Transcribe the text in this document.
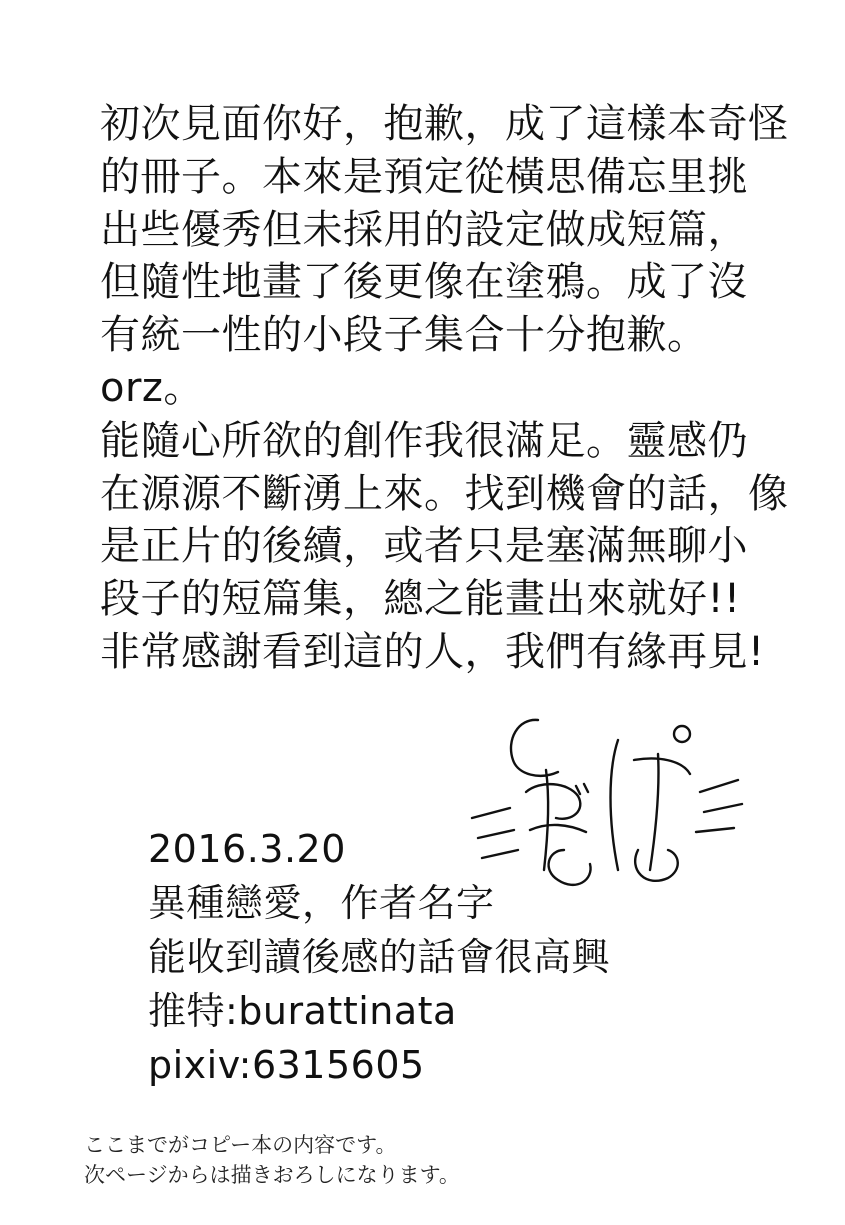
初次見面你好，抱歉，成了這樣本奇怪
的冊子。本來是預定從橫思備忘里挑
出些優秀但未採用的設定做成短篇，
但隨性地畫了後更像在塗鴉。成了沒
有統一性的小段子集合十分抱歉。
orz。
能隨心所欲的創作我很滿足。靈感仍
在源源不斷湧上來。找到機會的話，像
是正片的後續，或者只是塞滿無聊小
段子的短篇集，總之能畫出來就好!!
非常感謝看到這的人，我們有緣再見!
2016.3.20
異種戀愛，作者名字
能收到讀後感的話會很高興
推特:burattinata
pixiv:6315605
ここまでがコピー本の内容です。
次ページからは描きおろしになります。
